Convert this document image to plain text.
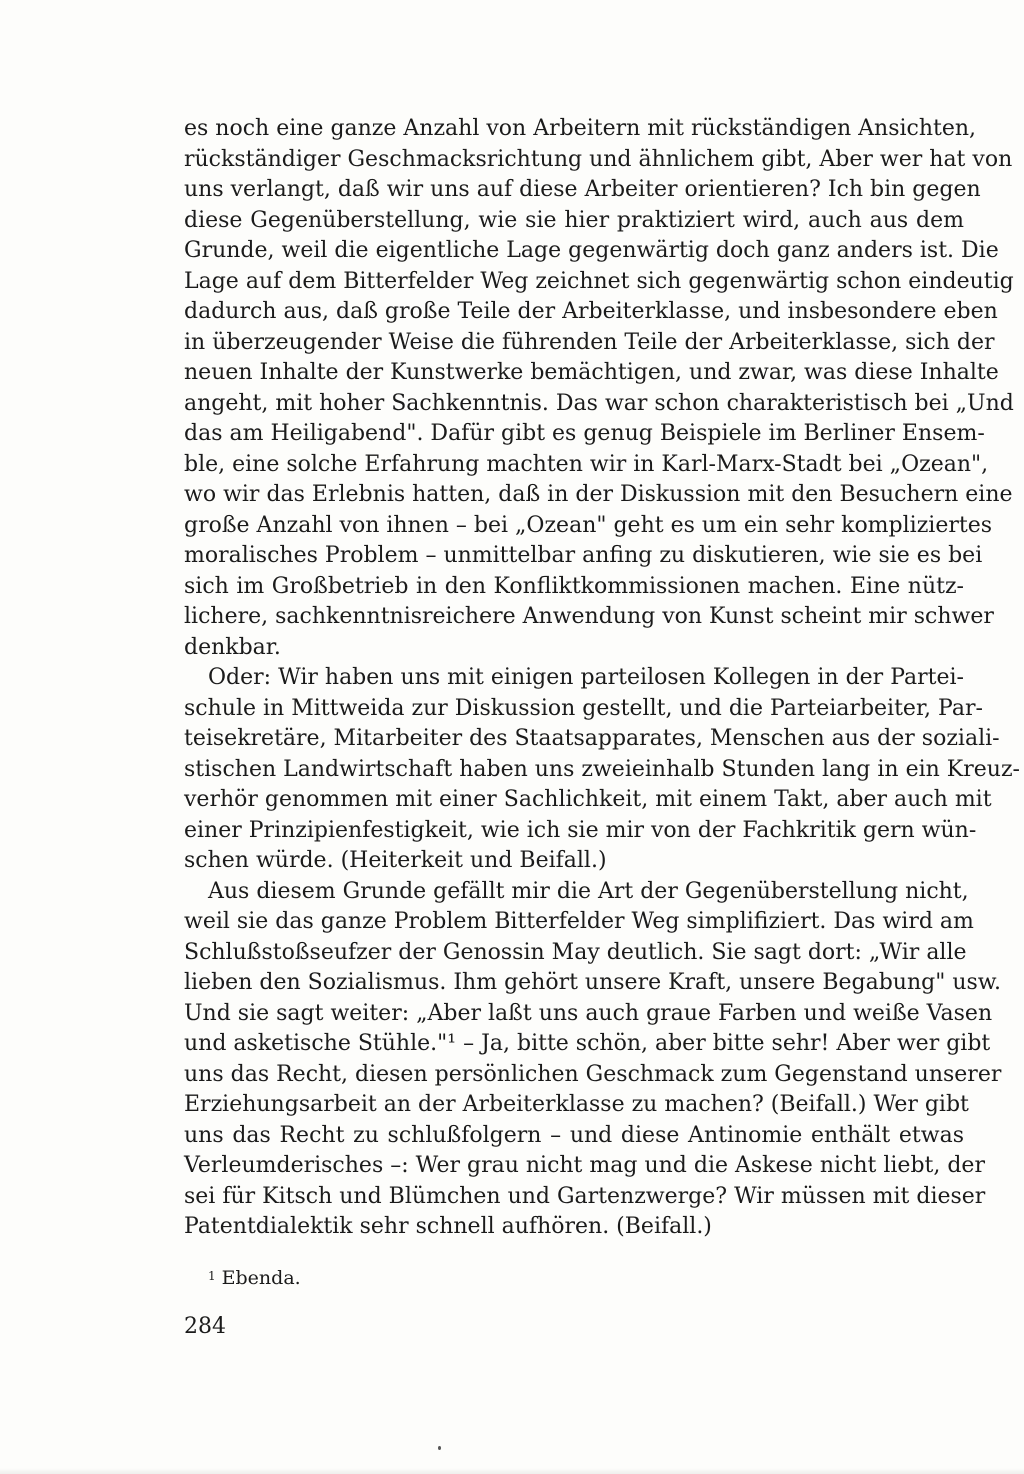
es noch eine ganze Anzahl von Arbeitern mit rückständigen Ansichten,
rückständiger Geschmacksrichtung und ähnlichem gibt, Aber wer hat von
uns verlangt, daß wir uns auf diese Arbeiter orientieren? Ich bin gegen
diese Gegenüberstellung, wie sie hier praktiziert wird, auch aus dem
Grunde, weil die eigentliche Lage gegenwärtig doch ganz anders ist. Die
Lage auf dem Bitterfelder Weg zeichnet sich gegenwärtig schon eindeutig
dadurch aus, daß große Teile der Arbeiterklasse, und insbesondere eben
in überzeugender Weise die führenden Teile der Arbeiterklasse, sich der
neuen Inhalte der Kunstwerke bemächtigen, und zwar, was diese Inhalte
angeht, mit hoher Sachkenntnis. Das war schon charakteristisch bei „Und
das am Heiligabend". Dafür gibt es genug Beispiele im Berliner Ensem-
ble, eine solche Erfahrung machten wir in Karl-Marx-Stadt bei „Ozean",
wo wir das Erlebnis hatten, daß in der Diskussion mit den Besuchern eine
große Anzahl von ihnen – bei „Ozean" geht es um ein sehr kompliziertes
moralisches Problem – unmittelbar anfing zu diskutieren, wie sie es bei
sich im Großbetrieb in den Konfliktkommissionen machen. Eine nütz-
lichere, sachkenntnisreichere Anwendung von Kunst scheint mir schwer
denkbar.
Oder: Wir haben uns mit einigen parteilosen Kollegen in der Partei-
schule in Mittweida zur Diskussion gestellt, und die Parteiarbeiter, Par-
teisekretäre, Mitarbeiter des Staatsapparates, Menschen aus der soziali-
stischen Landwirtschaft haben uns zweieinhalb Stunden lang in ein Kreuz-
verhör genommen mit einer Sachlichkeit, mit einem Takt, aber auch mit
einer Prinzipienfestigkeit, wie ich sie mir von der Fachkritik gern wün-
schen würde. (Heiterkeit und Beifall.)
Aus diesem Grunde gefällt mir die Art der Gegenüberstellung nicht,
weil sie das ganze Problem Bitterfelder Weg simplifiziert. Das wird am
Schlußstoßseufzer der Genossin May deutlich. Sie sagt dort: „Wir alle
lieben den Sozialismus. Ihm gehört unsere Kraft, unsere Begabung" usw.
Und sie sagt weiter: „Aber laßt uns auch graue Farben und weiße Vasen
und asketische Stühle."¹ – Ja, bitte schön, aber bitte sehr! Aber wer gibt
uns das Recht, diesen persönlichen Geschmack zum Gegenstand unserer
Erziehungsarbeit an der Arbeiterklasse zu machen? (Beifall.) Wer gibt
uns das Recht zu schlußfolgern – und diese Antinomie enthält etwas
Verleumderisches –: Wer grau nicht mag und die Askese nicht liebt, der
sei für Kitsch und Blümchen und Gartenzwerge? Wir müssen mit dieser
Patentdialektik sehr schnell aufhören. (Beifall.)
$^1$ Ebenda.
284
